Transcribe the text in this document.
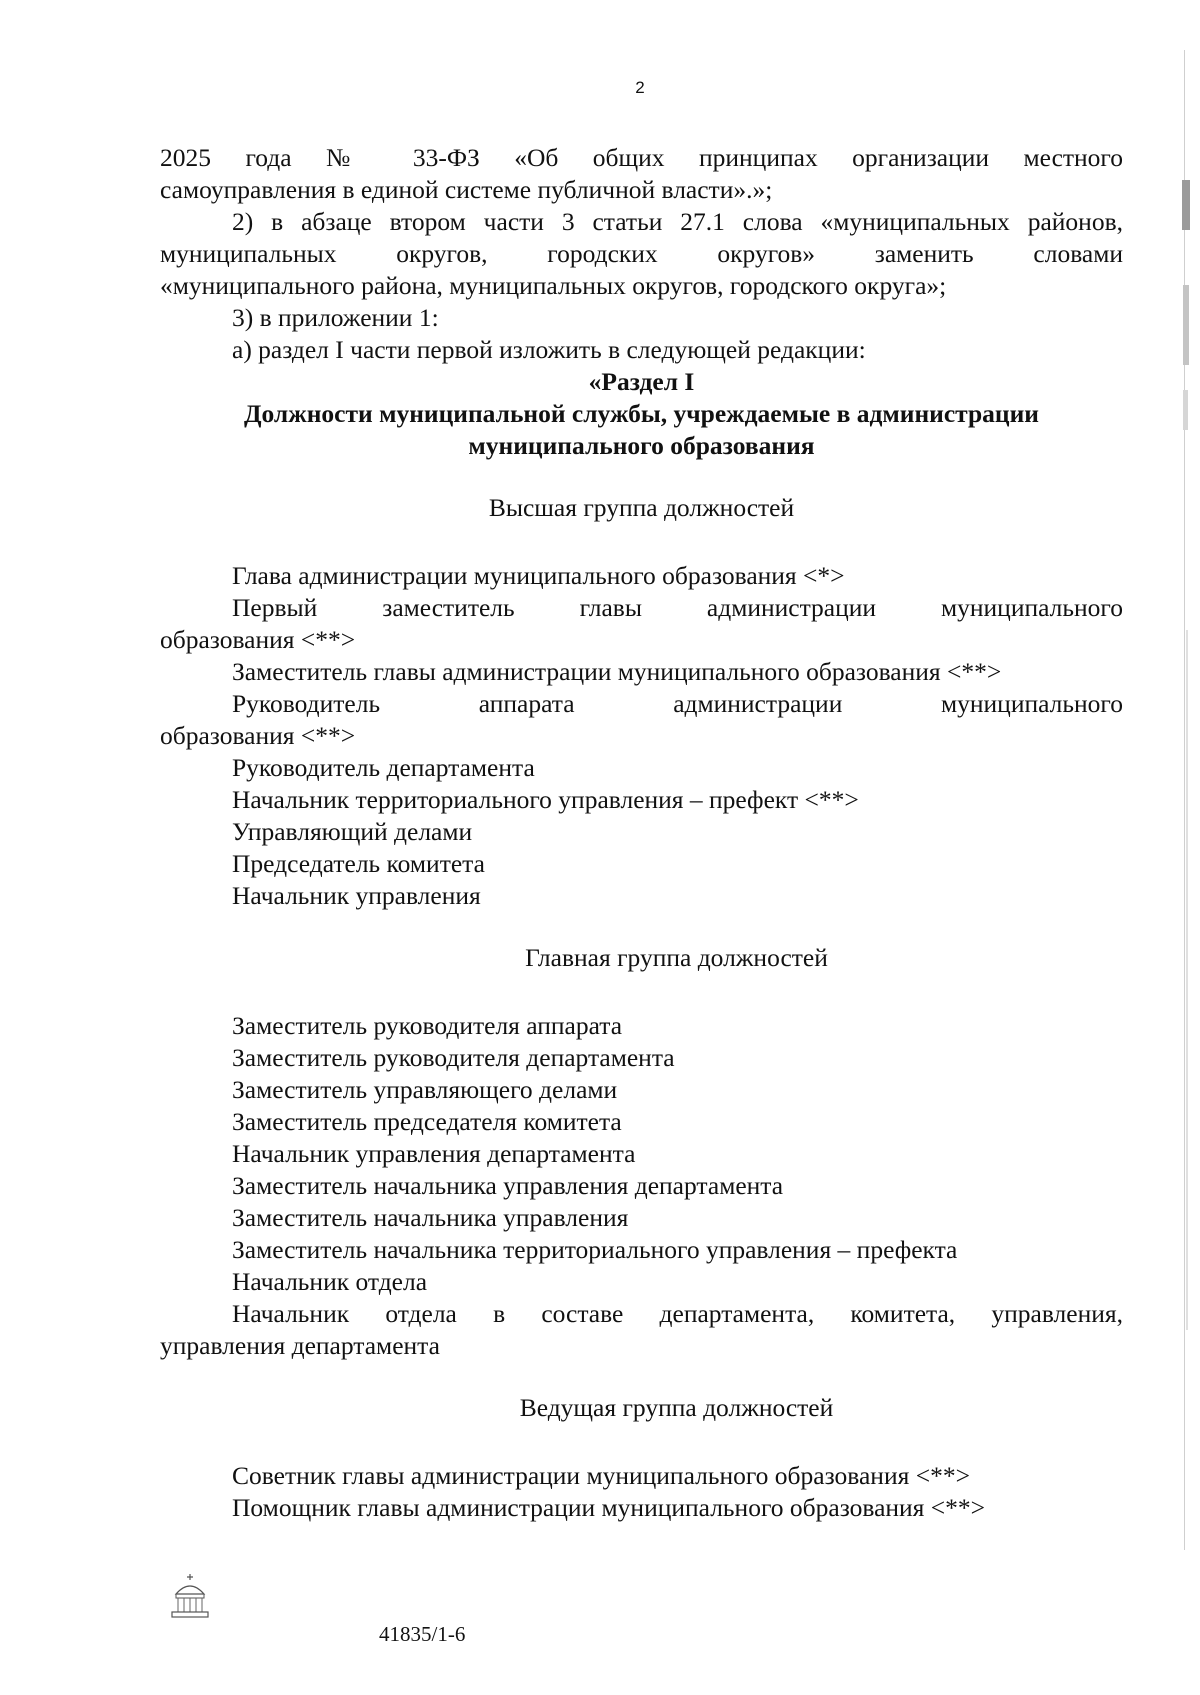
2

2025 года № 33-ФЗ «Об общих принципах организации местного

самоуправления в единой системе публичной власти».»;

2) в абзаце втором части 3 статьи 27.1 слова «муниципальных районов,

муниципальных округов, городских округов» заменить словами

«муниципального района, муниципальных округов, городского округа»;

3) в приложении 1:

а) раздел I части первой изложить в следующей редакции:

«Раздел I

Должности муниципальной службы, учреждаемые в администрации

муниципального образования

Высшая группа должностей

Глава администрации муниципального образования <*>

Первый заместитель главы администрации муниципального

образования <**>

Заместитель главы администрации муниципального образования <**>

Руководитель аппарата администрации муниципального

образования <**>

Руководитель департамента

Начальник территориального управления – префект <**>

Управляющий делами

Председатель комитета

Начальник управления

Главная группа должностей

Заместитель руководителя аппарата

Заместитель руководителя департамента

Заместитель управляющего делами

Заместитель председателя комитета

Начальник управления департамента

Заместитель начальника управления департамента

Заместитель начальника управления

Заместитель начальника территориального управления – префекта

Начальник отдела

Начальник отдела в составе департамента, комитета, управления,

управления департамента

Ведущая группа должностей

Советник главы администрации муниципального образования <**>

Помощник главы администрации муниципального образования <**>

41835/1-6
